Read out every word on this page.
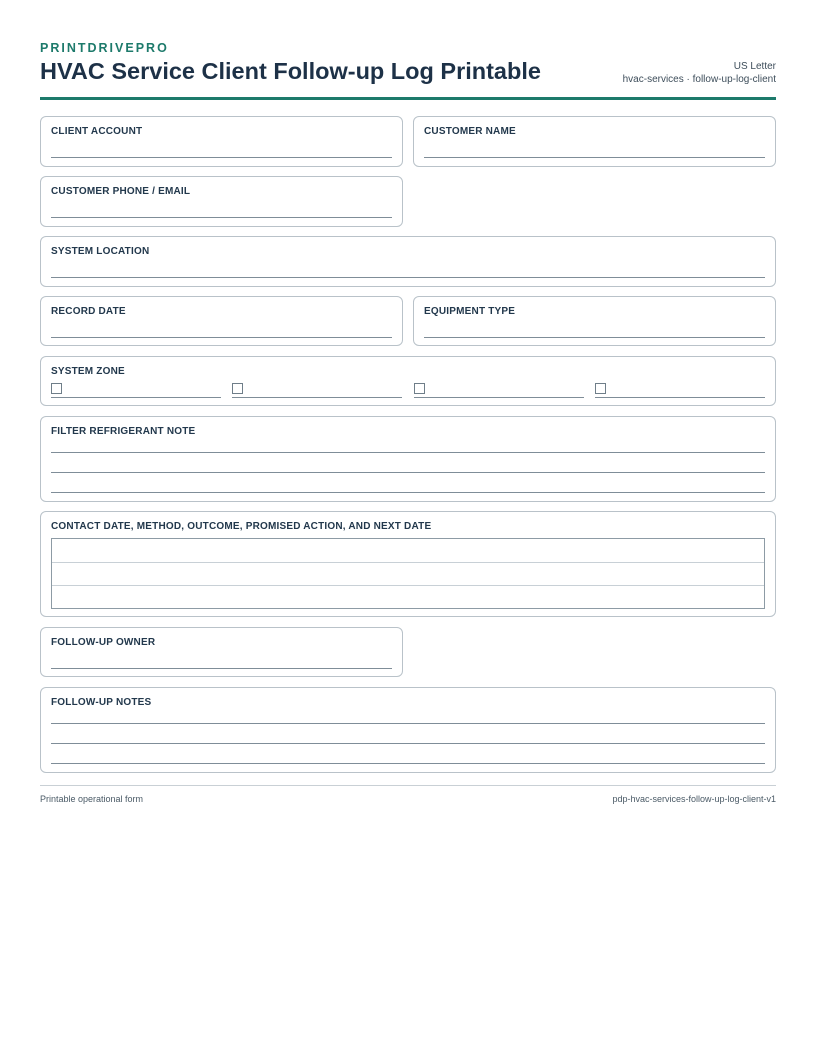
PRINTDRIVEPRO
HVAC Service Client Follow-up Log Printable	US Letter
hvac-services · follow-up-log-client
CLIENT ACCOUNT	CUSTOMER NAME
CUSTOMER PHONE / EMAIL
SYSTEM LOCATION
RECORD DATE	EQUIPMENT TYPE
SYSTEM ZONE
FILTER REFRIGERANT NOTE
CONTACT DATE, METHOD, OUTCOME, PROMISED ACTION, AND NEXT DATE
FOLLOW-UP OWNER
FOLLOW-UP NOTES
Printable operational form	pdp-hvac-services-follow-up-log-client-v1
